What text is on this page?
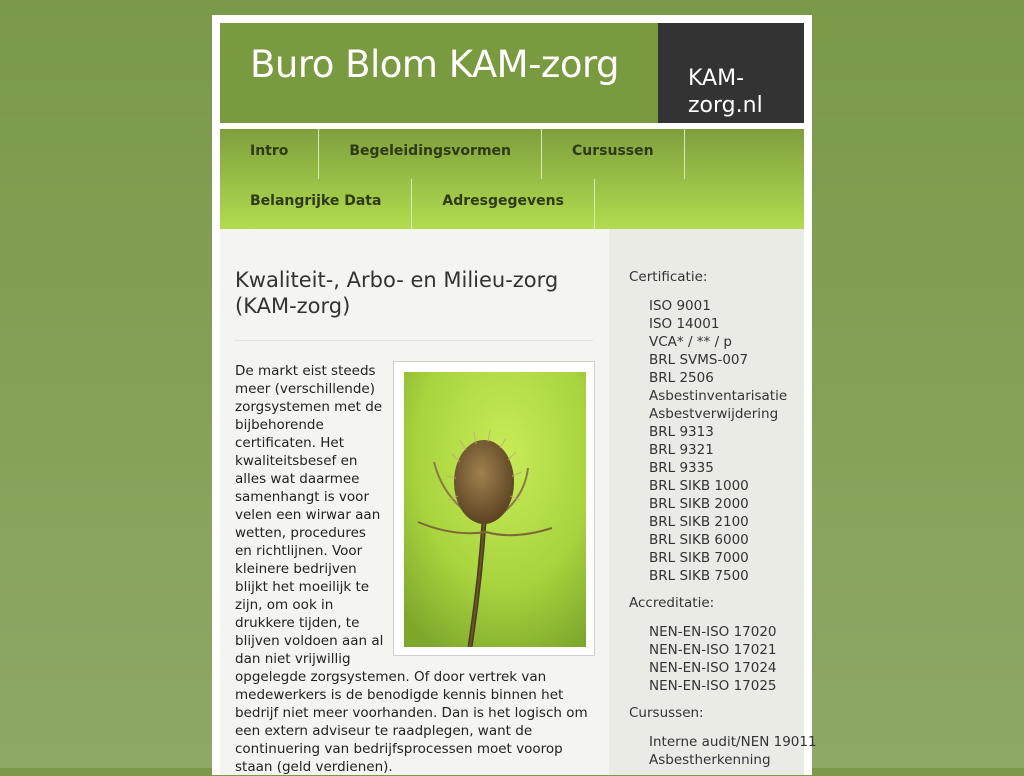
Buro Blom KAM-zorg	KAM-zorg.nl
Intro	Begeleidingsvormen	Cursussen
Belangrijke Data	Adresgegevens
Kwaliteit-, Arbo- en Milieu-zorg (KAM-zorg)
De markt eist steeds meer (verschillende) zorgsystemen met de bijbehorende certificaten. Het kwaliteitsbesef en alles wat daarmee samenhangt is voor velen een wirwar aan wetten, procedures en richtlijnen. Voor kleinere bedrijven blijkt het moeilijk te zijn, om ook in drukkere tijden, te blijven voldoen aan al dan niet vrijwillig opgelegde zorgsystemen. Of door vertrek van medewerkers is de benodigde kennis binnen het bedrijf niet meer voorhanden. Dan is het logisch om een extern adviseur te raadplegen, want de continuering van bedrijfsprocessen moet voorop staan (geld verdienen).
Certificatie:
ISO 9001
ISO 14001
VCA* / ** / p
BRL SVMS-007
BRL 2506
Asbestinventarisatie
Asbestverwijdering
BRL 9313
BRL 9321
BRL 9335
BRL SIKB 1000
BRL SIKB 2000
BRL SIKB 2100
BRL SIKB 6000
BRL SIKB 7000
BRL SIKB 7500
Accreditatie:
NEN-EN-ISO 17020
NEN-EN-ISO 17021
NEN-EN-ISO 17024
NEN-EN-ISO 17025
Cursussen:
Interne audit/NEN 19011
Asbestherkenning
